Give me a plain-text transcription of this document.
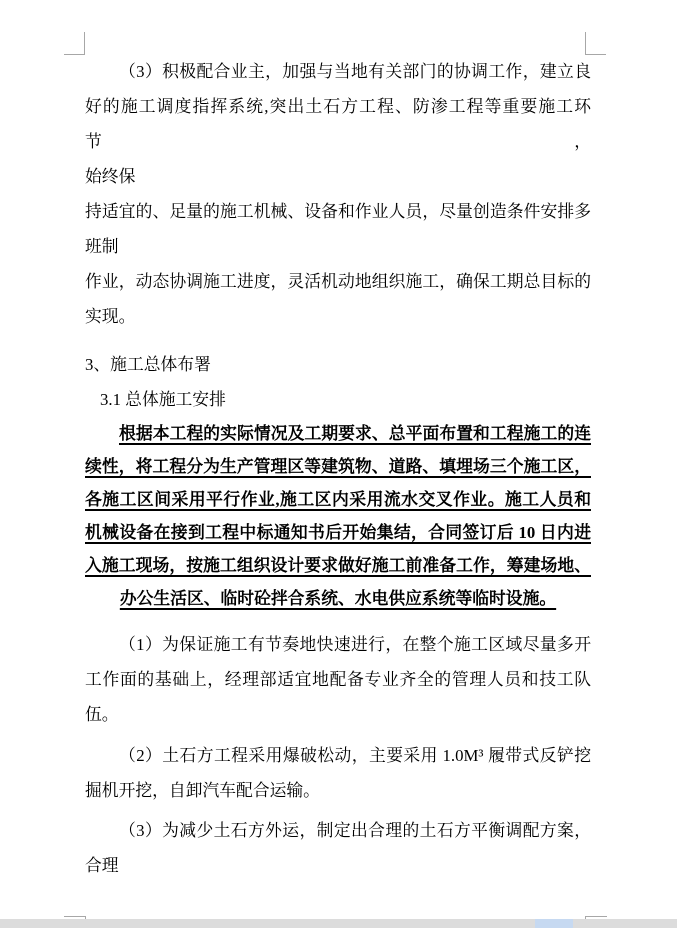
（3）积极配合业主，加强与当地有关部门的协调工作，建立良
好的施工调度指挥系统,突出土石方工程、防渗工程等重要施工环节，
始终保
持适宜的、足量的施工机械、设备和作业人员，尽量创造条件安排多
班制
作业，动态协调施工进度，灵活机动地组织施工，确保工期总目标的
实现。
3、施工总体布署
3.1 总体施工安排
根据本工程的实际情况及工期要求、总平面布置和工程施工的连
续性，将工程分为生产管理区等建筑物、道路、填埋场三个施工区，
各施工区间采用平行作业,施工区内采用流水交叉作业。施工人员和
机械设备在接到工程中标通知书后开始集结，合同签订后 10 日内进
入施工现场，按施工组织设计要求做好施工前准备工作，筹建场地、
办公生活区、临时砼拌合系统、水电供应系统等临时设施。
（1）为保证施工有节奏地快速进行，在整个施工区域尽量多开
工作面的基础上，经理部适宜地配备专业齐全的管理人员和技工队
伍。
（2）土石方工程采用爆破松动，主要采用 1.0M³ 履带式反铲挖
掘机开挖，自卸汽车配合运输。
（3）为减少土石方外运，制定出合理的土石方平衡调配方案，
合理
